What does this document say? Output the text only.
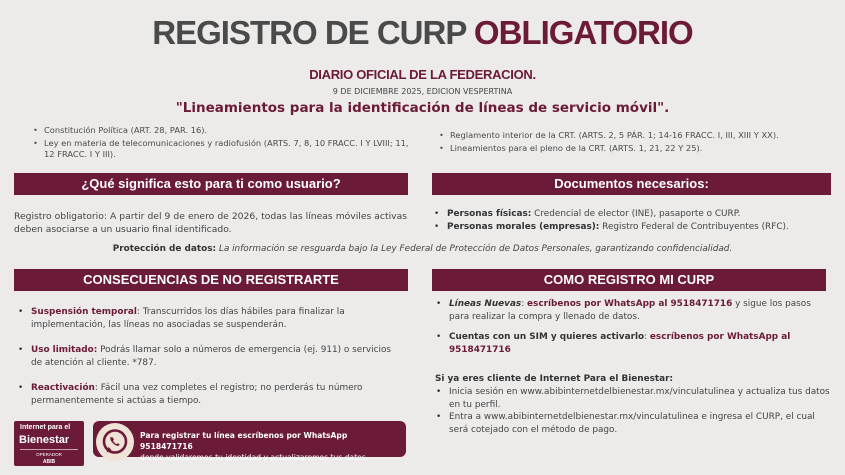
REGISTRO DE CURP OBLIGATORIO
DIARIO OFICIAL DE LA FEDERACION.
9 DE DICIEMBRE 2025, EDICION VESPERTINA
"Lineamientos para la identificación de líneas de servicio móvil".
• Constitución Política (ART. 28, PAR. 16).
• Ley en materia de telecomunicaciones y radiofusión (ARTS. 7, 8, 10 FRACC. I Y LVIII; 11, 12 FRACC. I Y III).
• Reglamento interior de la CRT. (ARTS. 2, 5 PÁR. 1; 14-16 FRACC. I, III, XIII Y XX).
• Lineamientos para el pleno de la CRT. (ARTS. 1, 21, 22 Y 25).
¿Qué significa esto para ti como usuario?	Documentos necesarios:
Registro obligatorio: A partir del 9 de enero de 2026, todas las líneas móviles activas deben asociarse a un usuario final identificado.
• Personas físicas: Credencial de elector (INE), pasaporte o CURP.
• Personas morales (empresas): Registro Federal de Contribuyentes (RFC).
Protección de datos: La información se resguarda bajo la Ley Federal de Protección de Datos Personales, garantizando confidencialidad.
CONSECUENCIAS DE NO REGISTRARTE	COMO REGISTRO MI CURP
• Suspensión temporal: Transcurridos los días hábiles para finalizar la implementación, las líneas no asociadas se suspenderán.
• Uso limitado: Podrás llamar solo a números de emergencia (ej. 911) o servicios de atención al cliente. *787.
• Reactivación: Fácil una vez completes el registro; no perderás tu número permanentemente si actúas a tiempo.
• Líneas Nuevas: escríbenos por WhatsApp al 9518471716 y sigue los pasos para realizar la compra y llenado de datos.
• Cuentas con un SIM y quieres activarlo: escríbenos por WhatsApp al 9518471716
Si ya eres cliente de Internet Para el Bienestar:
• Inicia sesión en www.abibinternetdelbienestar.mx/vinculatulinea y actualiza tus datos en tu perfil.
• Entra a www.abibinternetdelbienestar.mx/vinculatulinea e ingresa el CURP, el cual será cotejado con el método de pago.
Internet para el
Bienestar
OPERADOR
ABIB
Para registrar tu línea escríbenos por WhatsApp 9518471716
donde validaremos tu identidad y actualizaremos tus datos.
